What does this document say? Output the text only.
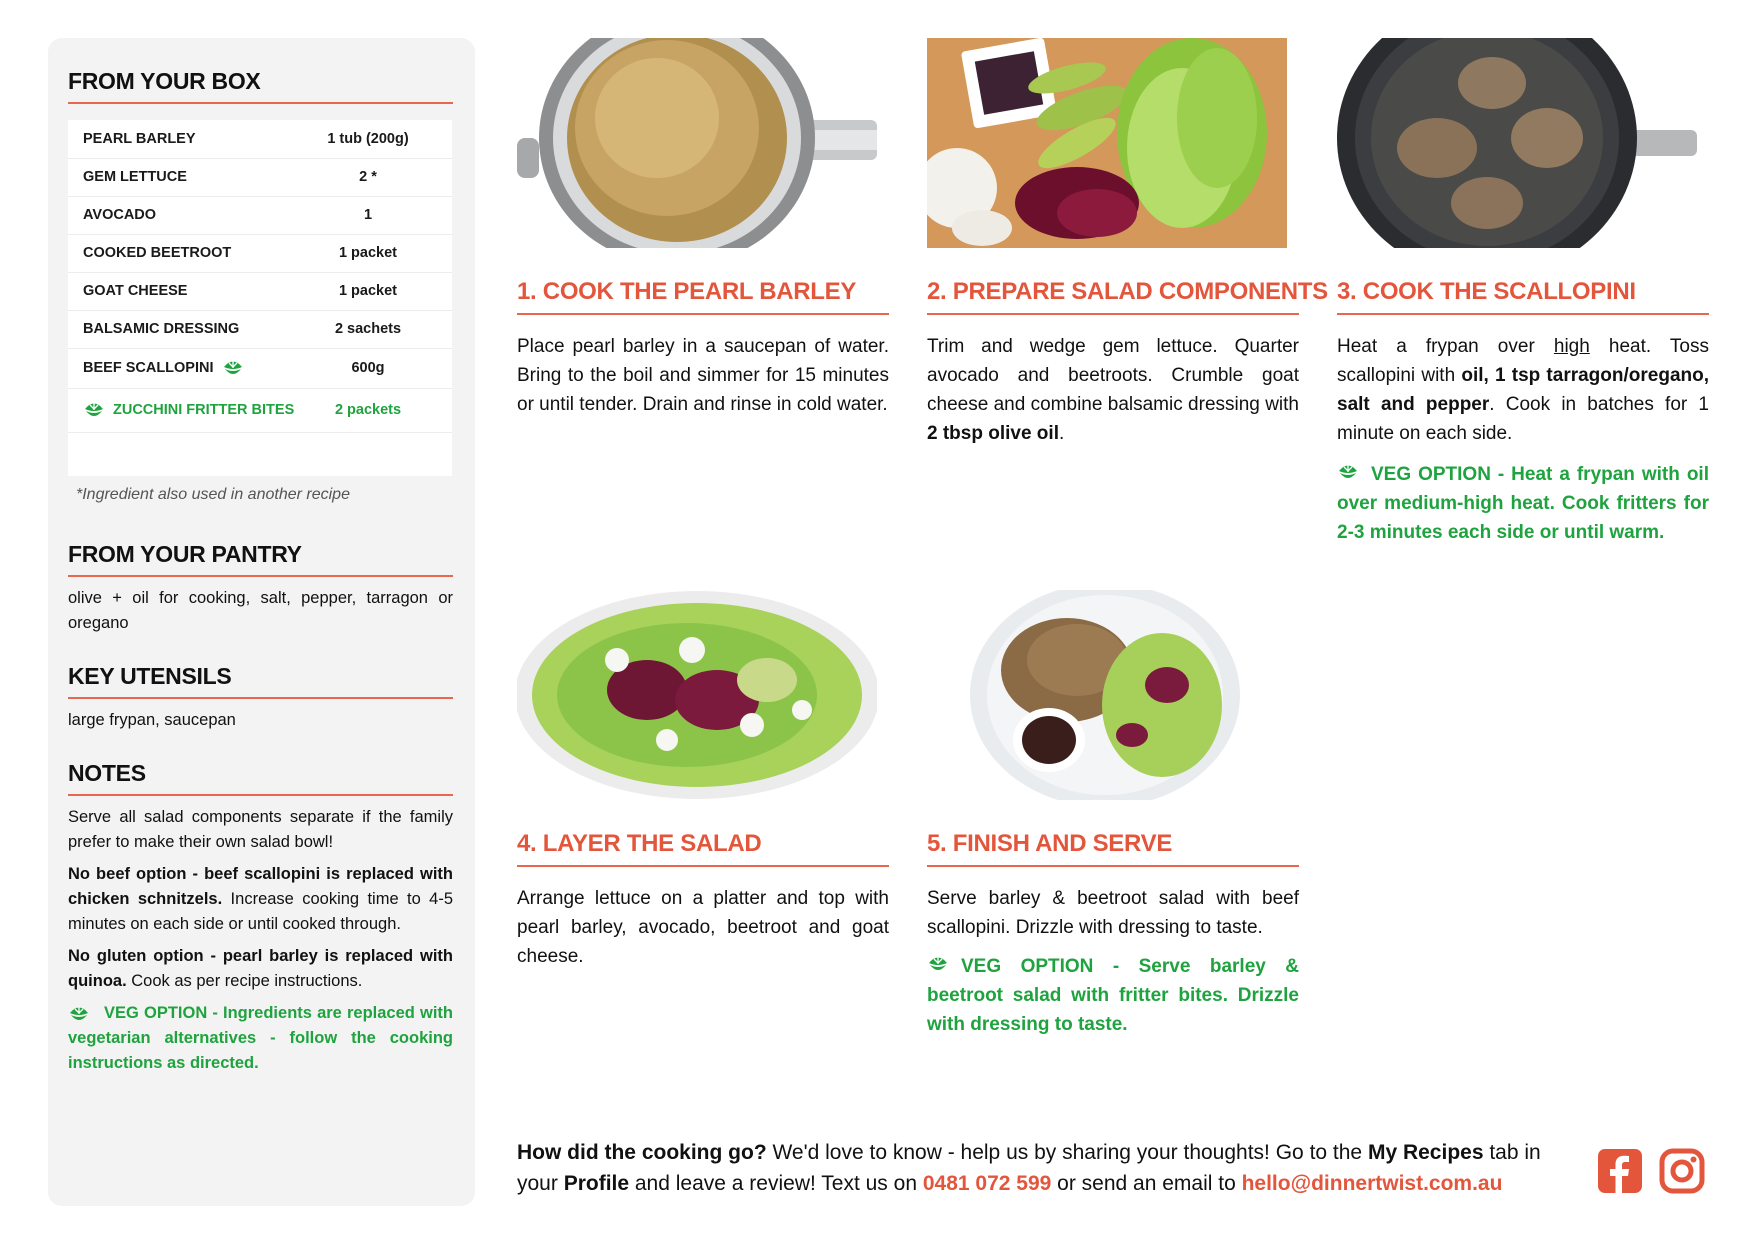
FROM YOUR BOX
PEARL BARLEY	1 tub (200g)
GEM LETTUCE	2 *
AVOCADO	1
COOKED BEETROOT	1 packet
GOAT CHEESE	1 packet
BALSAMIC DRESSING	2 sachets
BEEF SCALLOPINI	600g
ZUCCHINI FRITTER BITES	2 packets
*Ingredient also used in another recipe
FROM YOUR PANTRY
olive + oil for cooking, salt, pepper, tarragon or oregano
KEY UTENSILS
large frypan, saucepan
NOTES
Serve all salad components separate if the family prefer to make their own salad bowl!
No beef option - beef scallopini is replaced with chicken schnitzels. Increase cooking time to 4-5 minutes on each side or until cooked through.
No gluten option - pearl barley is replaced with quinoa. Cook as per recipe instructions.
VEG OPTION - Ingredients are replaced with vegetarian alternatives - follow the cooking instructions as directed.
1. COOK THE PEARL BARLEY
Place pearl barley in a saucepan of water. Bring to the boil and simmer for 15 minutes or until tender. Drain and rinse in cold water.
2. PREPARE SALAD COMPONENTS
Trim and wedge gem lettuce. Quarter avocado and beetroots. Crumble goat cheese and combine balsamic dressing with 2 tbsp olive oil.
3. COOK THE SCALLOPINI
Heat a frypan over high heat. Toss scallopini with oil, 1 tsp tarragon/oregano, salt and pepper. Cook in batches for 1 minute on each side.
VEG OPTION - Heat a frypan with oil over medium-high heat. Cook fritters for 2-3 minutes each side or until warm.
4. LAYER THE SALAD
Arrange lettuce on a platter and top with pearl barley, avocado, beetroot and goat cheese.
5. FINISH AND SERVE
Serve barley & beetroot salad with beef scallopini. Drizzle with dressing to taste.
VEG OPTION - Serve barley & beetroot salad with fritter bites. Drizzle with dressing to taste.
How did the cooking go? We'd love to know - help us by sharing your thoughts! Go to the My Recipes tab in your Profile and leave a review! Text us on 0481 072 599 or send an email to hello@dinnertwist.com.au
